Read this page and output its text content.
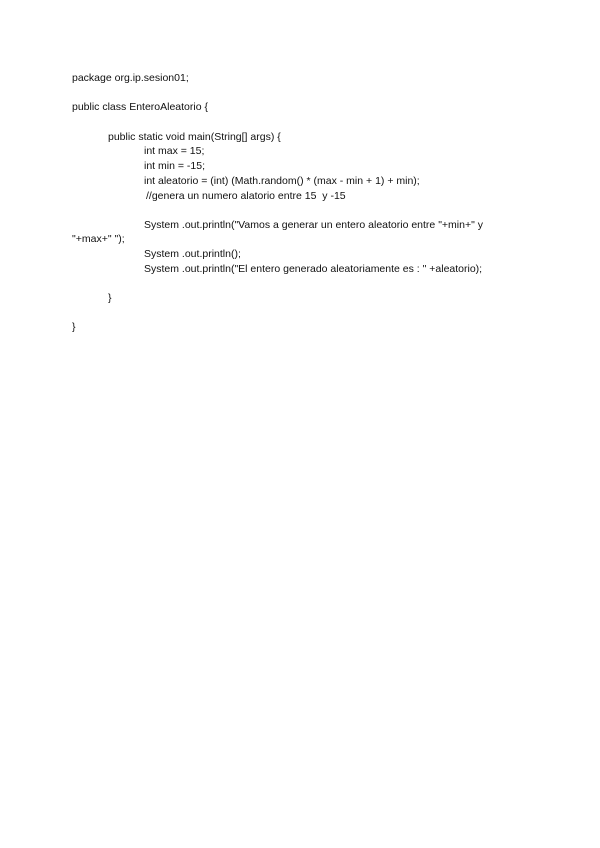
package org.ip.sesion01;
public class EnteroAleatorio {
public static void main(String[] args) {
int max = 15;
int min = -15;
int aleatorio = (int) (Math.random() * (max - min + 1) + min);
//genera un numero alatorio entre 15  y -15
System .out.println("Vamos a generar un entero aleatorio entre "+min+" y
"+max+" ");
System .out.println();
System .out.println("El entero generado aleatoriamente es : " +aleatorio);
}
}
